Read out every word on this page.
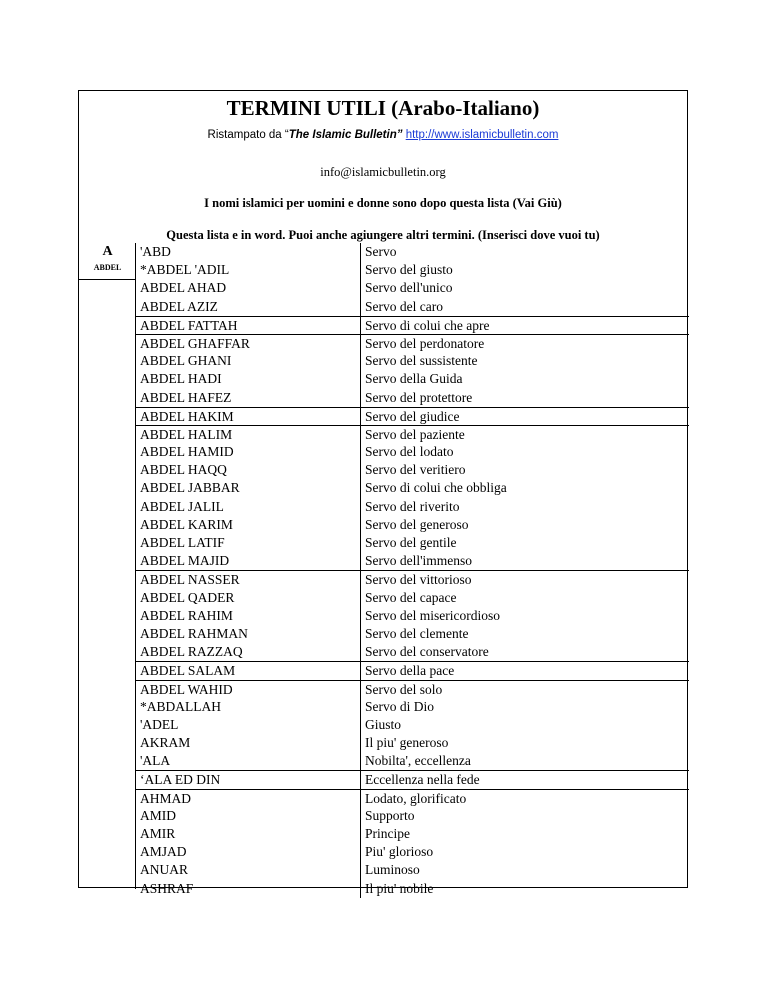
TERMINI UTILI (Arabo-Italiano)
Ristampato da “The Islamic Bulletin” http://www.islamicbulletin.com
info@islamicbulletin.org
I nomi islamici per uomini e donne sono dopo questa lista (Vai Giù)
Questa lista e in word. Puoi anche agiungere altri termini. (Inserisci dove vuoi tu)
A
ABDEL
'ABD	Servo
*ABDEL 'ADIL	Servo del giusto
ABDEL AHAD	Servo dell'unico
ABDEL AZIZ	Servo del caro
ABDEL FATTAH	Servo di colui che apre
ABDEL GHAFFAR	Servo del perdonatore
ABDEL GHANI	Servo del sussistente
ABDEL HADI	Servo della Guida
ABDEL HAFEZ	Servo del protettore
ABDEL HAKIM	Servo del giudice
ABDEL HALIM	Servo del paziente
ABDEL HAMID	Servo del lodato
ABDEL HAQQ	Servo del veritiero
ABDEL JABBAR	Servo di colui che obbliga
ABDEL JALIL	Servo del riverito
ABDEL KARIM	Servo del generoso
ABDEL LATIF	Servo del gentile
ABDEL MAJID	Servo dell'immenso
ABDEL NASSER	Servo del vittorioso
ABDEL QADER	Servo del capace
ABDEL RAHIM	Servo del misericordioso
ABDEL RAHMAN	Servo del clemente
ABDEL RAZZAQ	Servo del conservatore
ABDEL SALAM	Servo della pace
ABDEL WAHID	Servo del solo
*ABDALLAH	Servo di Dio
'ADEL	Giusto
AKRAM	Il piu' generoso
'ALA	Nobilta', eccellenza
‘ALA ED DIN	Eccellenza nella fede
AHMAD	Lodato, glorificato
AMID	Supporto
AMIR	Principe
AMJAD	Piu' glorioso
ANUAR	Luminoso
ASHRAF	Il piu' nobile
